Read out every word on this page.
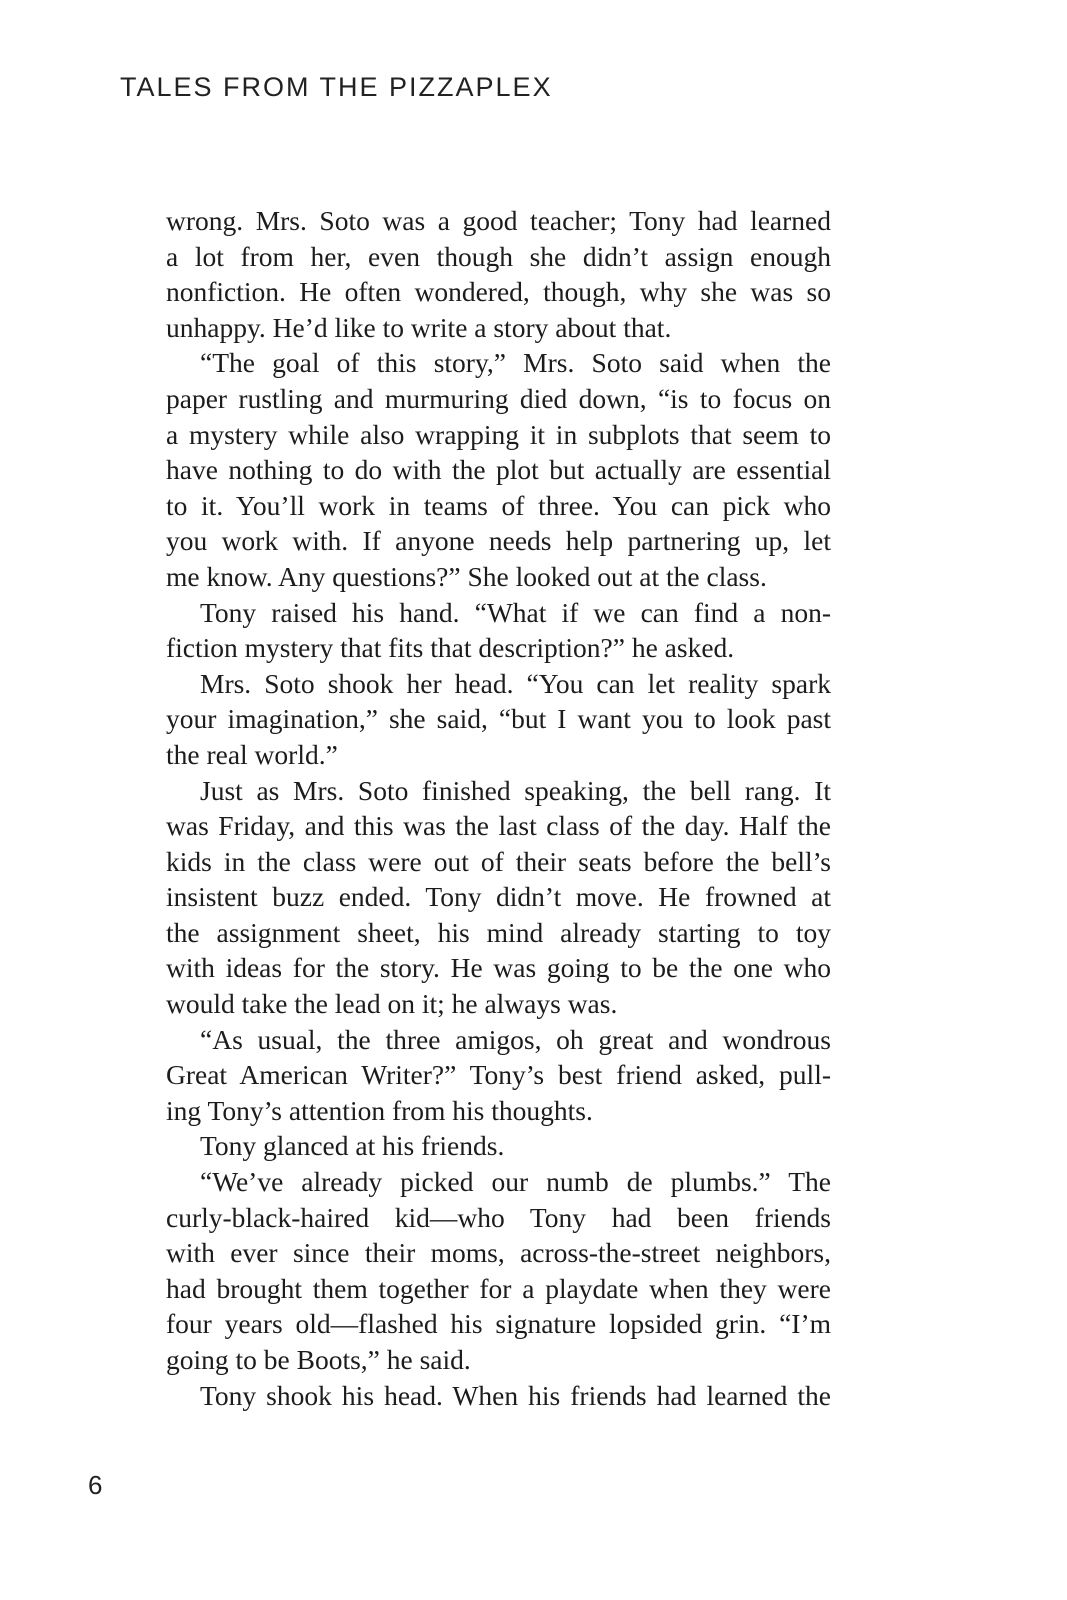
TALES FROM THE PIZZAPLEX
wrong. Mrs. Soto was a good teacher; Tony had learned
a lot from her, even though she didn’t assign enough
nonfiction. He often wondered, though, why she was so
unhappy. He’d like to write a story about that.
“The goal of this story,” Mrs. Soto said when the
paper rustling and murmuring died down, “is to focus on
a mystery while also wrapping it in subplots that seem to
have nothing to do with the plot but actually are essential
to it. You’ll work in teams of three. You can pick who
you work with. If anyone needs help partnering up, let
me know. Any questions?” She looked out at the class.
Tony raised his hand. “What if we can find a non-
fiction mystery that fits that description?” he asked.
Mrs. Soto shook her head. “You can let reality spark
your imagination,” she said, “but I want you to look past
the real world.”
Just as Mrs. Soto finished speaking, the bell rang. It
was Friday, and this was the last class of the day. Half the
kids in the class were out of their seats before the bell’s
insistent buzz ended. Tony didn’t move. He frowned at
the assignment sheet, his mind already starting to toy
with ideas for the story. He was going to be the one who
would take the lead on it; he always was.
“As usual, the three amigos, oh great and wondrous
Great American Writer?” Tony’s best friend asked, pull-
ing Tony’s attention from his thoughts.
Tony glanced at his friends.
“We’ve already picked our numb de plumbs.” The
curly-black-haired kid—who Tony had been friends
with ever since their moms, across-the-street neighbors,
had brought them together for a playdate when they were
four years old—flashed his signature lopsided grin. “I’m
going to be Boots,” he said.
Tony shook his head. When his friends had learned the
6
